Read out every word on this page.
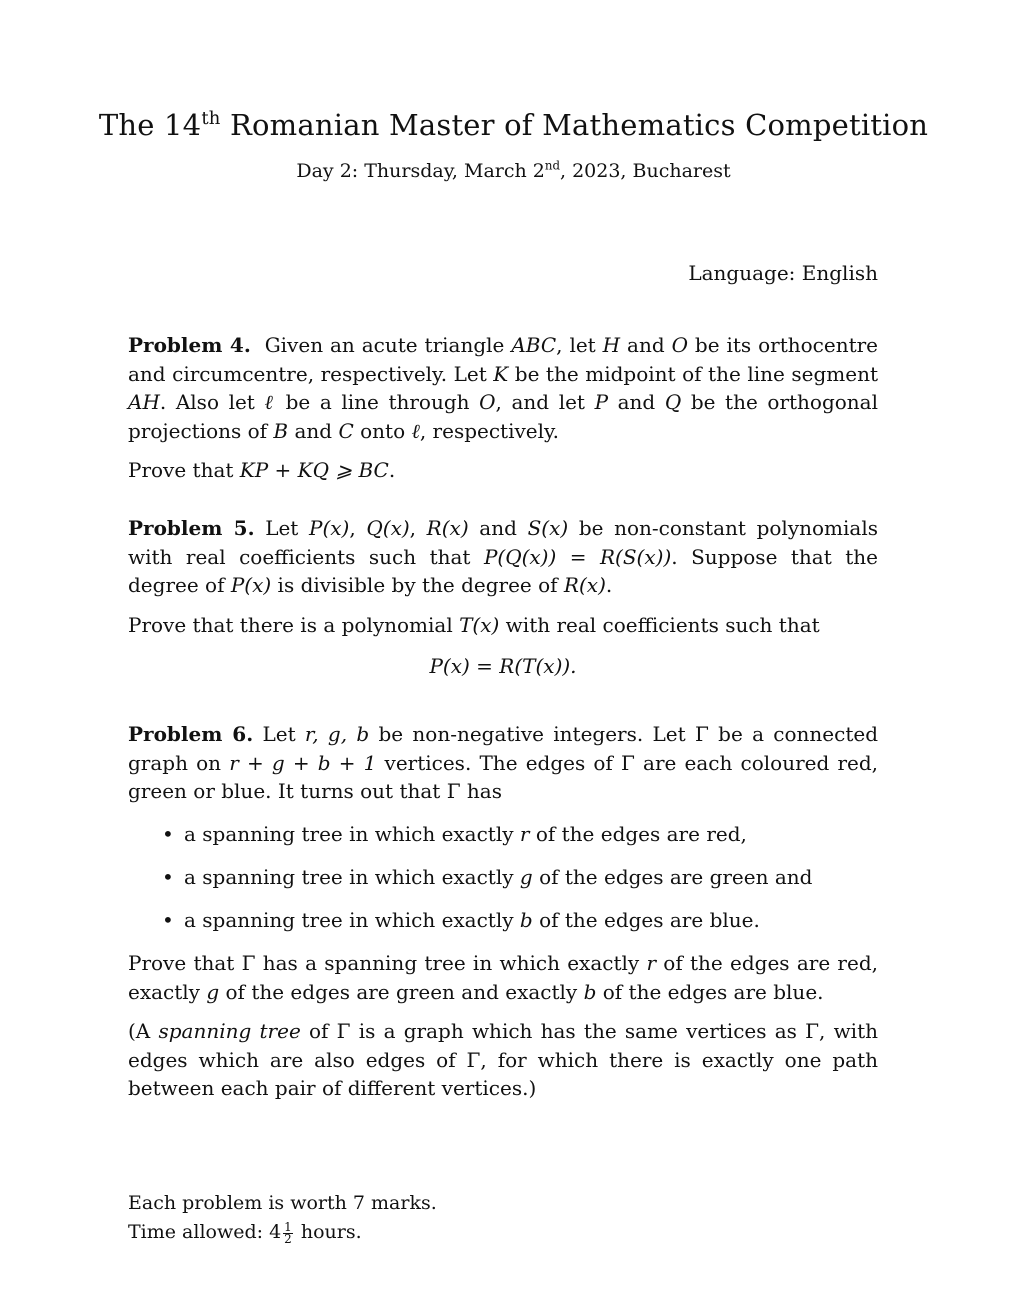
The 14th Romanian Master of Mathematics Competition
Day 2: Thursday, March 2nd, 2023, Bucharest
Language: English
Problem 4. Given an acute triangle ABC, let H and O be its orthocentre and circumcentre, respectively. Let K be the midpoint of the line segment AH. Also let ℓ be a line through O, and let P and Q be the orthogonal projections of B and C onto ℓ, respectively.
Prove that KP + KQ ⩾ BC.
Problem 5. Let P(x), Q(x), R(x) and S(x) be non-constant polynomials with real coefficients such that P(Q(x)) = R(S(x)). Suppose that the degree of P(x) is divisible by the degree of R(x).
Prove that there is a polynomial T(x) with real coefficients such that
P(x) = R(T(x)).
Problem 6. Let r, g, b be non-negative integers. Let Γ be a connected graph on r + g + b + 1 vertices. The edges of Γ are each coloured red, green or blue. It turns out that Γ has
• a spanning tree in which exactly r of the edges are red,
• a spanning tree in which exactly g of the edges are green and
• a spanning tree in which exactly b of the edges are blue.
Prove that Γ has a spanning tree in which exactly r of the edges are red, exactly g of the edges are green and exactly b of the edges are blue.
(A spanning tree of Γ is a graph which has the same vertices as Γ, with edges which are also edges of Γ, for which there is exactly one path between each pair of different vertices.)
Each problem is worth 7 marks.
Time allowed: $4 \frac{1}{2}$ hours.
